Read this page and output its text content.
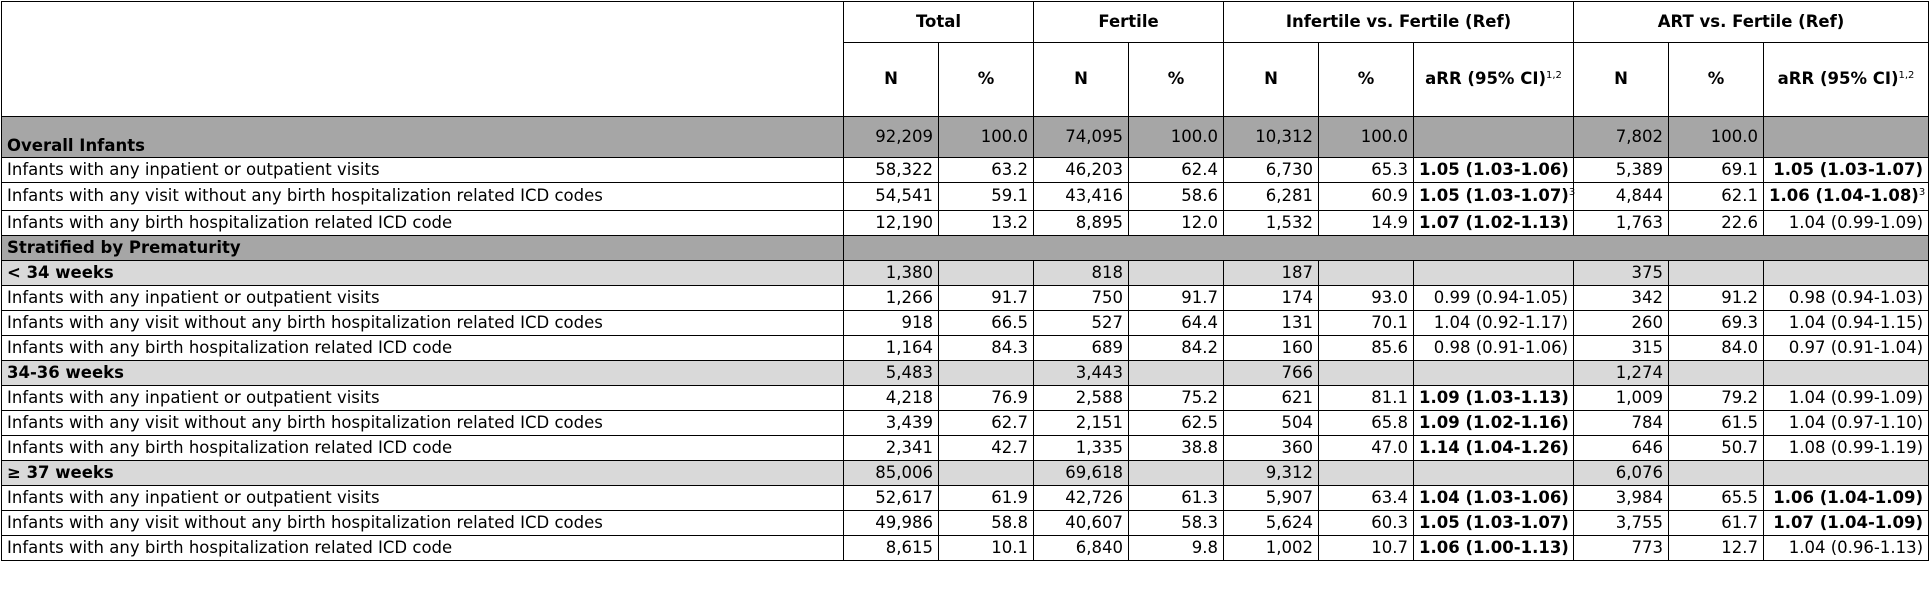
	Total		Fertile		Infertile vs. Fertile (Ref)			ART vs. Fertile (Ref)		
	N	%	N	%	N	%	aRR (95% CI)$^{1,2}$	N	%	aRR (95% CI)$^{1,2}$
Overall Infants	92,209	100.0	74,095	100.0	10,312	100.0		7,802	100.0	
Infants with any inpatient or outpatient visits	58,322	63.2	46,203	62.4	6,730	65.3	1.05 (1.03-1.06)	5,389	69.1	1.05 (1.03-1.07)
Infants with any visit without any birth hospitalization related ICD codes	54,541	59.1	43,416	58.6	6,281	60.9	1.05 $(1.03-1.07)^3$	4,844	62.1	1.06 $(1.04-1.08)^3$
Infants with any birth hospitalization related ICD code	12,190	13.2	8,895	12.0	1,532	14.9	1.07 (1.02-1.13)	1,763	22.6	1.04 (0.99-1.09)
Stratified by Prematurity										
< 34 weeks	1,380		818		187			375		
Infants with any inpatient or outpatient visits	1,266	91.7	750	91.7	174	93.0	0.99 (0.94-1.05)	342	91.2	0.98 (0.94-1.03)
Infants with any visit without any birth hospitalization related ICD codes	918	66.5	527	64.4	131	70.1	1.04 (0.92-1.17)	260	69.3	1.04 (0.94-1.15)
Infants with any birth hospitalization related ICD code	1,164	84.3	689	84.2	160	85.6	0.98 (0.91-1.06)	315	84.0	0.97 (0.91-1.04)
34-36 weeks	5,483		3,443		766			1,274		
Infants with any inpatient or outpatient visits	4,218	76.9	2,588	75.2	621	81.1	1.09 (1.03-1.13)	1,009	79.2	1.04 (0.99-1.09)
Infants with any visit without any birth hospitalization related ICD codes	3,439	62.7	2,151	62.5	504	65.8	1.09 (1.02-1.16)	784	61.5	1.04 (0.97-1.10)
Infants with any birth hospitalization related ICD code	2,341	42.7	1,335	38.8	360	47.0	1.14 (1.04-1.26)	646	50.7	1.08 (0.99-1.19)
≥ 37 weeks	85,006		69,618		9,312			6,076		
Infants with any inpatient or outpatient visits	52,617	61.9	42,726	61.3	5,907	63.4	1.04 (1.03-1.06)	3,984	65.5	1.06 (1.04-1.09)
Infants with any visit without any birth hospitalization related ICD codes	49,986	58.8	40,607	58.3	5,624	60.3	1.05 (1.03-1.07)	3,755	61.7	1.07 (1.04-1.09)
Infants with any birth hospitalization related ICD code	8,615	10.1	6,840	9.8	1,002	10.7	1.06 (1.00-1.13)	773	12.7	1.04 (0.96-1.13)
